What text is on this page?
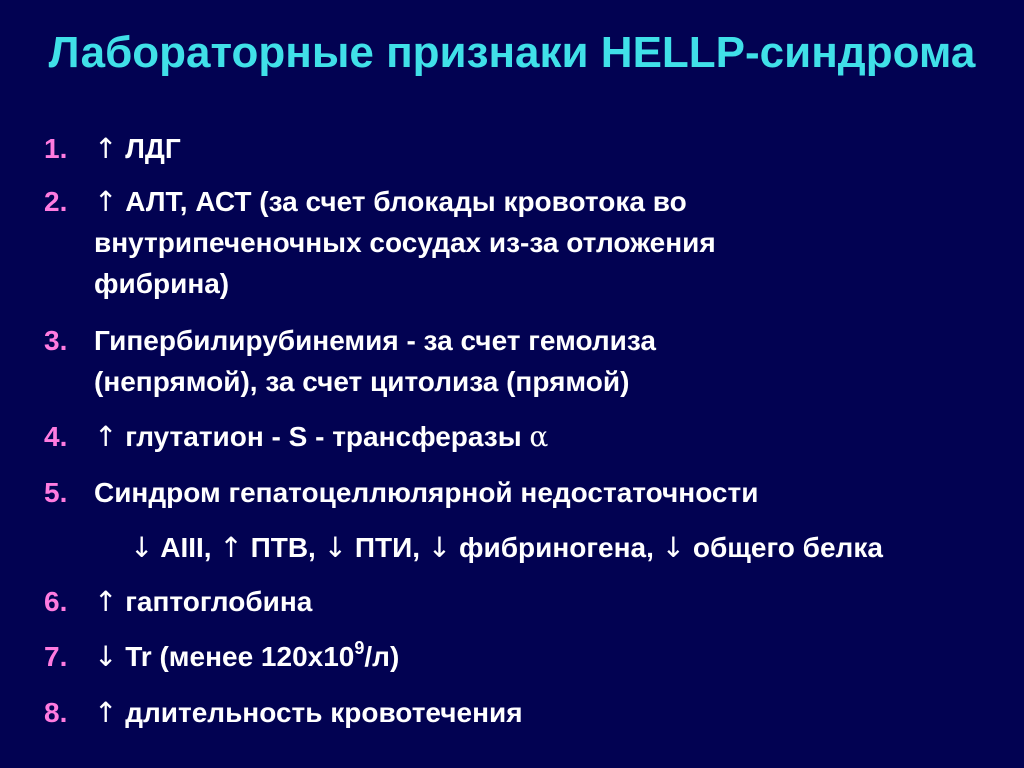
Лабораторные признаки HELLP-синдрома
1. ↑ ЛДГ
2. ↑ АЛТ, АСТ (за счет блокады кровотока во
внутрипеченочных сосудах из-за отложения
фибрина)
3. Гипербилирубинемия - за счет гемолиза
(непрямой), за счет цитолиза (прямой)
4. ↑ глутатион - S - трансферазы α
5. Синдром гепатоцеллюлярной недостаточности
6. ↑ гаптоглобина
7. ↓ Tr (менее $120х10^9/л$)
8. ↑ длительность кровотечения
↓ AIII, ↑ ПТВ, ↓ ПТИ, ↓ фибриногена, ↓ общего белка
